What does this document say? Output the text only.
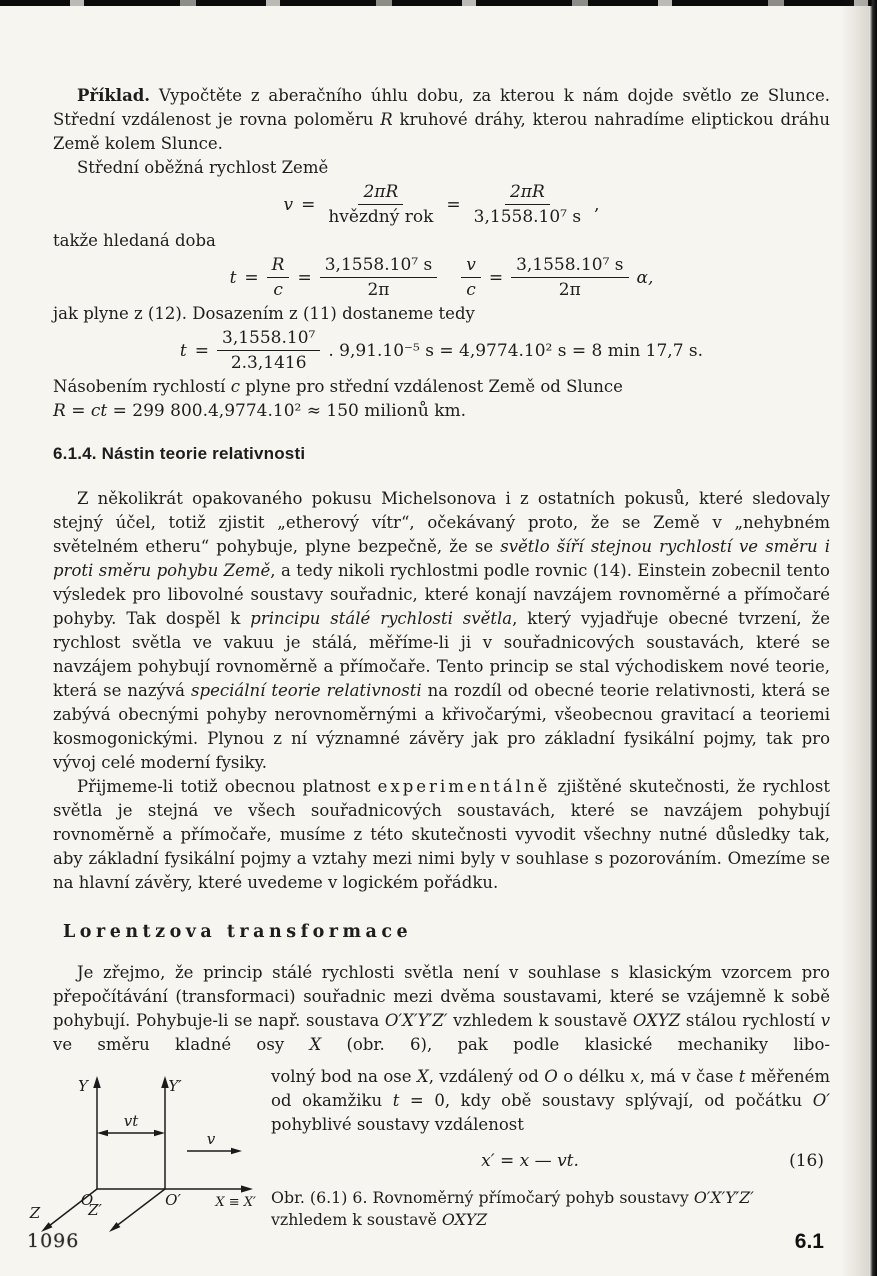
Příklad. Vypočtěte z aberačního úhlu dobu, za kterou k nám dojde světlo ze Slunce. Střední vzdálenost je rovna poloměru R kruhové dráhy, kterou nahradíme eliptickou dráhu Země kolem Slunce.

Střední oběžná rychlost Země

$v = \frac{2\pi R}{\text{hvězdný rok}} = \frac{2\pi R}{\text{3,1558.10⁷ s}}$ ,

takže hledaná doba

$t = \frac{R}{c} = \frac{\text{3,1558.10⁷ s}}{2\pi} \frac{v}{c} = \frac{\text{3,1558.10⁷ s}}{2\pi} \alpha$,

jak plyne z (12). Dosazením z (11) dostaneme tedy

$t = \frac{\text{3,1558.10⁷}}{2.3,1416}$ . 9,91.10⁻⁵ s = 4,9774.10² s = 8 min 17,7 s.

Násobením rychlostí c plyne pro střední vzdálenost Země od Slunce

R = ct = 299 800.4,9774.10² ≈ 150 milionů km.

6.1.4. Nástin teorie relativnosti

Z několikrát opakovaného pokusu Michelsonova i z ostatních pokusů, které sledovaly stejný účel, totiž zjistit „etherový vítr“, očekávaný proto, že se Země v „nehybném světelném etheru“ pohybuje, plyne bezpečně, že se světlo šíří stejnou rychlostí ve směru i proti směru pohybu Země, a tedy nikoli rychlostmi podle rovnic (14). Einstein zobecnil tento výsledek pro libovolné soustavy souřadnic, které konají navzájem rovnoměrné a přímočaré pohyby. Tak dospěl k principu stálé rychlosti světla, který vyjadřuje obecné tvrzení, že rychlost světla ve vakuu je stálá, měříme-li ji v souřadnicových soustavách, které se navzájem pohybují rovnoměrně a přímočaře. Tento princip se stal východiskem nové teorie, která se nazývá speciální teorie relativnosti na rozdíl od obecné teorie relativnosti, která se zabývá obecnými pohyby nerovnoměrnými a křivočarými, všeobecnou gravitací a teoriemi kosmogonickými. Plynou z ní významné závěry jak pro základní fysikální pojmy, tak pro vývoj celé moderní fysiky.

Přijmeme-li totiž obecnou platnost experimentálně zjištěné skutečnosti, že rychlost světla je stejná ve všech souřadnicových soustavách, které se navzájem pohybují rovnoměrně a přímočaře, musíme z této skutečnosti vyvodit všechny nutné důsledky tak, aby základní fysikální pojmy a vztahy mezi nimi byly v souhlase s pozorováním. Omezíme se na hlavní závěry, které uvedeme v logickém pořádku.

Lorentzova transformace

Je zřejmo, že princip stálé rychlosti světla není v souhlase s klasickým vzorcem pro přepočítávání (transformaci) souřadnic mezi dvěma soustavami, které se vzájemně k sobě pohybují. Pohybuje-li se např. soustava O′X′Y′Z′ vzhledem k soustavě OXYZ stálou rychlostí v ve směru kladné osy X (obr. 6), pak podle klasické mechaniky libo-

Y	Y′
X ≡ X′
Z	Z′
O	O′
vt
v

volný bod na ose X, vzdálený od O o délku x, má v čase t měřeném od okamžiku t = 0, kdy obě soustavy splývají, od počátku O′ pohyblivé soustavy vzdálenost

x′ = x — vt.	(16)

Obr. (6.1) 6. Rovnoměrný přímočarý pohyb soustavy O′X′Y′Z′ vzhledem k soustavě OXYZ

1096	6.1
